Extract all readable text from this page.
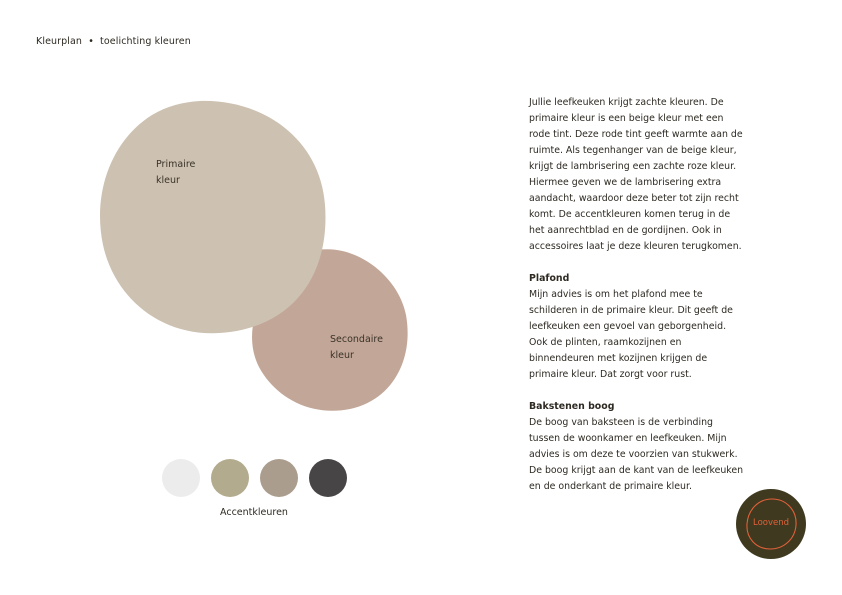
Kleurplan • toelichting kleuren
Primaire kleur
Secondaire kleur
Accentkleuren

Jullie leefkeuken krijgt zachte kleuren. De primaire kleur is een beige kleur met een rode tint. Deze rode tint geeft warmte aan de ruimte. Als tegenhanger van de beige kleur, krijgt de lambrisering een zachte roze kleur. Hiermee geven we de lambrisering extra aandacht, waardoor deze beter tot zijn recht komt. De accentkleuren komen terug in de het aanrechtblad en de gordijnen. Ook in accessoires laat je deze kleuren terugkomen.

Plafond

Mijn advies is om het plafond mee te schilderen in de primaire kleur. Dit geeft de leefkeuken een gevoel van geborgenheid. Ook de plinten, raamkozijnen en binnendeuren met kozijnen krijgen de primaire kleur. Dat zorgt voor rust.

Bakstenen boog

De boog van baksteen is de verbinding tussen de woonkamer en leefkeuken. Mijn advies is om deze te voorzien van stukwerk. De boog krijgt aan de kant van de leefkeuken en de onderkant de primaire kleur.

Loovend
